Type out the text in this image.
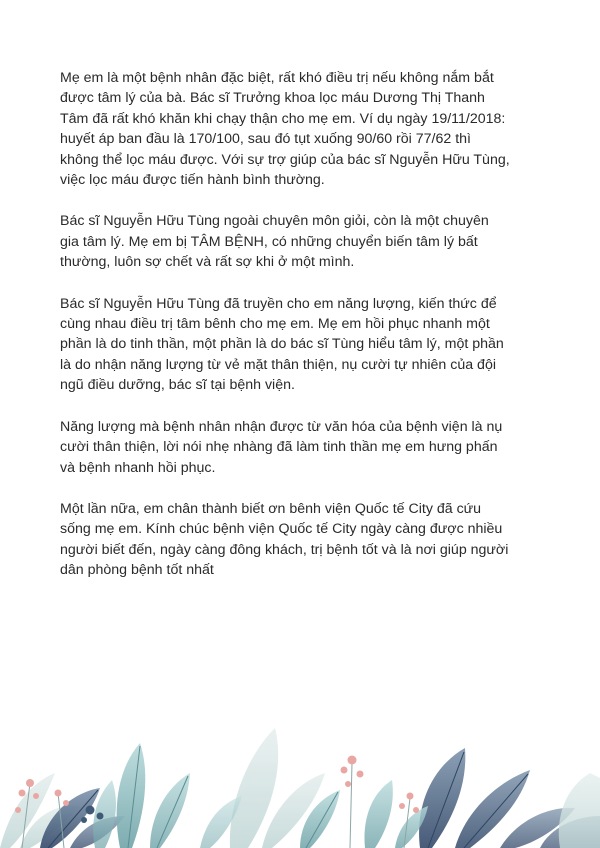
Mẹ em là một bệnh nhân đặc biệt, rất khó điều trị nếu không nắm bắt
được tâm lý của bà. Bác sĩ Trưởng khoa lọc máu Dương Thị Thanh
Tâm đã rất khó khăn khi chạy thận cho mẹ em. Ví dụ ngày 19/11/2018:
huyết áp ban đầu là 170/100, sau đó tụt xuống 90/60 rồi 77/62 thì
không thể lọc máu được. Với sự trợ giúp của bác sĩ Nguyễn Hữu Tùng,
việc lọc máu được tiến hành bình thường.

Bác sĩ Nguyễn Hữu Tùng ngoài chuyên môn giỏi, còn là một chuyên
gia tâm lý. Mẹ em bị TÂM BỆNH, có những chuyển biến tâm lý bất
thường, luôn sợ chết và rất sợ khi ở một mình.

Bác sĩ Nguyễn Hữu Tùng đã truyền cho em năng lượng, kiến thức để
cùng nhau điều trị tâm bênh cho mẹ em. Mẹ em hồi phục nhanh một
phần là do tinh thần, một phần là do bác sĩ Tùng hiểu tâm lý, một phần
là do nhận năng lượng từ vẻ mặt thân thiện, nụ cười tự nhiên của đội
ngũ điều dưỡng, bác sĩ tại bệnh viện.

Năng lượng mà bệnh nhân nhận được từ văn hóa của bệnh viện là nụ
cười thân thiện, lời nói nhẹ nhàng đã làm tinh thần mẹ em hưng phấn
và bệnh nhanh hồi phục.

Một lần nữa, em chân thành biết ơn bênh viện Quốc tế City đã cứu
sống mẹ em. Kính chúc bệnh viện Quốc tế City ngày càng được nhiều
người biết đến, ngày càng đông khách, trị bệnh tốt và là nơi giúp người
dân phòng bệnh tốt nhất
